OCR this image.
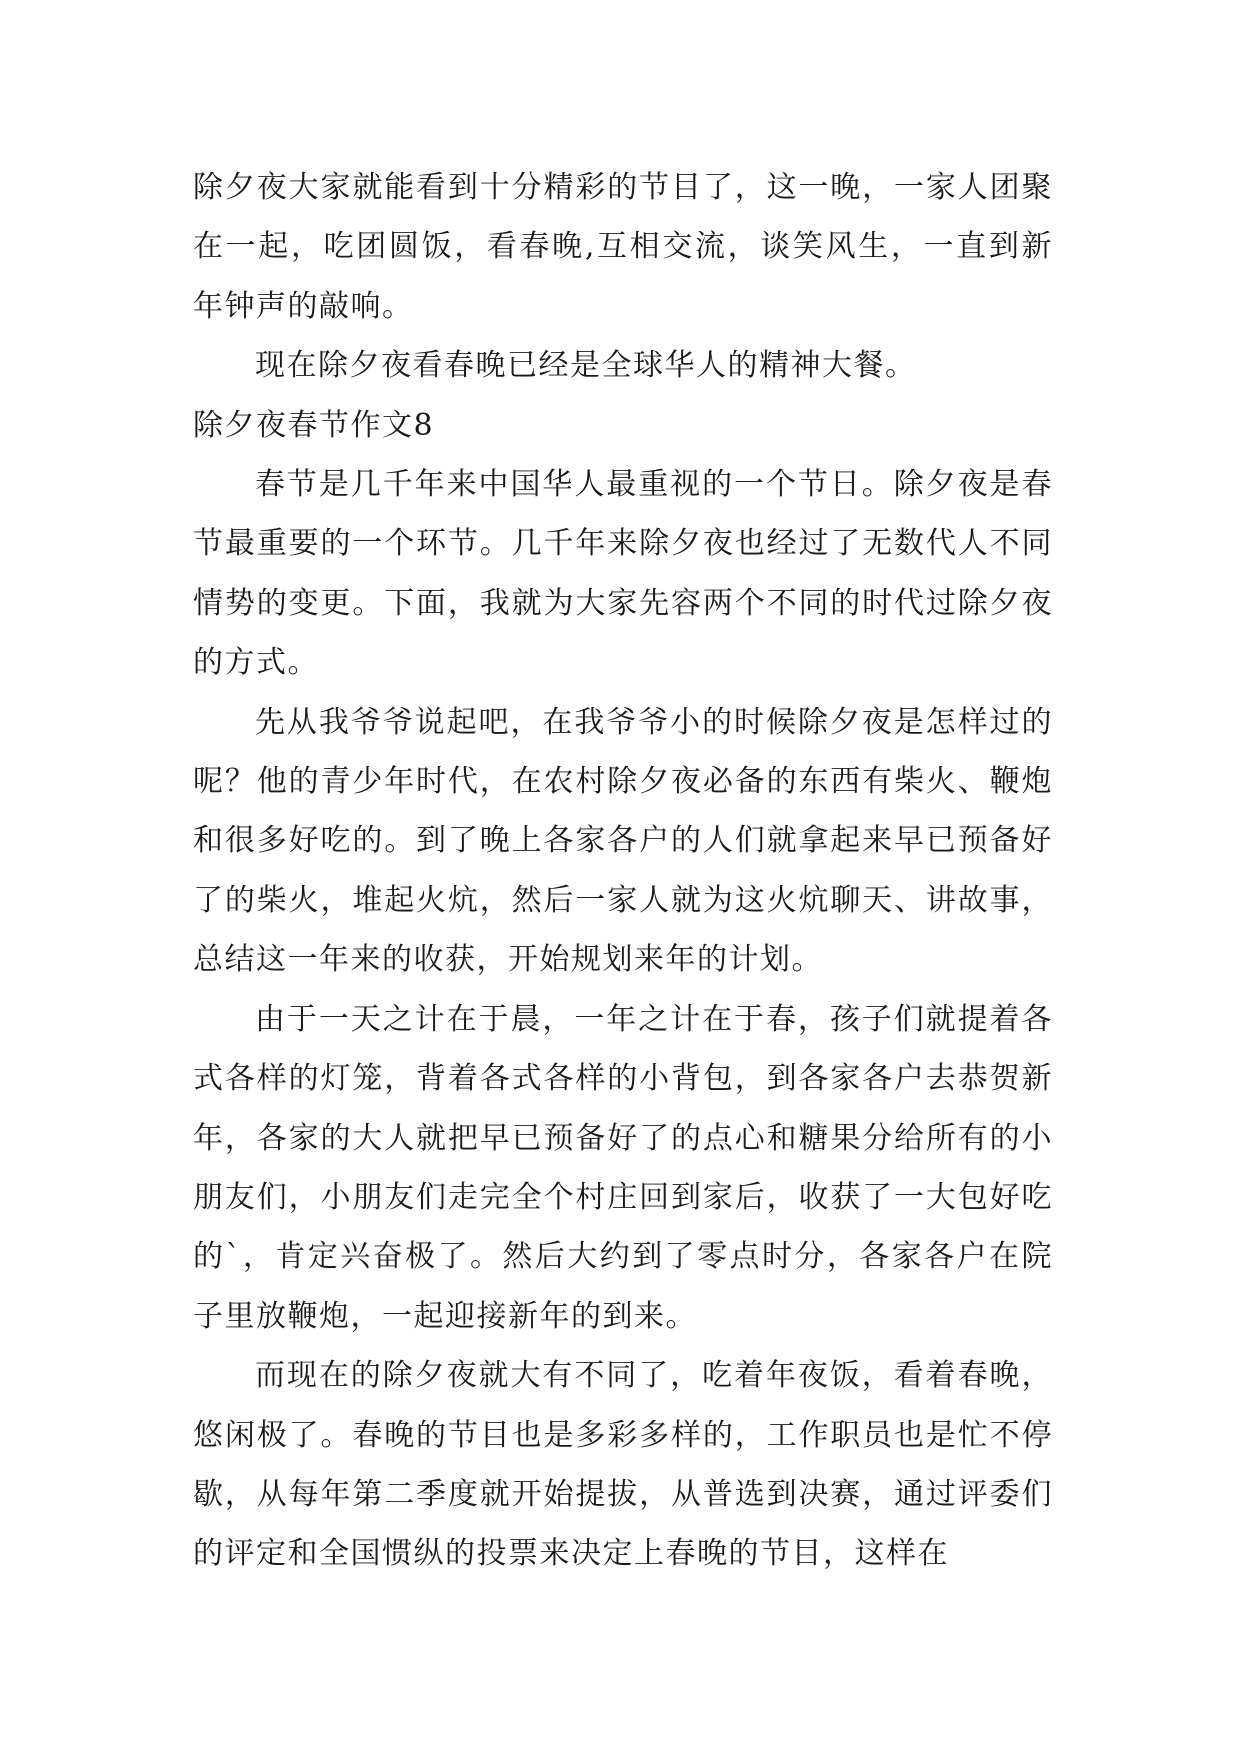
除夕夜大家就能看到十分精彩的节目了，这一晚，一家人团聚在一起，吃团圆饭，看春晚,互相交流，谈笑风生，一直到新年钟声的敲响。

现在除夕夜看春晚已经是全球华人的精神大餐。

除夕夜春节作文8

春节是几千年来中国华人最重视的一个节日。除夕夜是春节最重要的一个环节。几千年来除夕夜也经过了无数代人不同情势的变更。下面，我就为大家先容两个不同的时代过除夕夜的方式。

先从我爷爷说起吧，在我爷爷小的时候除夕夜是怎样过的呢？他的青少年时代，在农村除夕夜必备的东西有柴火、鞭炮和很多好吃的。到了晚上各家各户的人们就拿起来早已预备好了的柴火，堆起火炕，然后一家人就为这火炕聊天、讲故事，总结这一年来的收获，开始规划来年的计划。

由于一天之计在于晨，一年之计在于春，孩子们就提着各式各样的灯笼，背着各式各样的小背包，到各家各户去恭贺新年，各家的大人就把早已预备好了的点心和糖果分给所有的小朋友们，小朋友们走完全个村庄回到家后，收获了一大包好吃的`，肯定兴奋极了。然后大约到了零点时分，各家各户在院子里放鞭炮，一起迎接新年的到来。

而现在的除夕夜就大有不同了，吃着年夜饭，看着春晚，悠闲极了。春晚的节目也是多彩多样的，工作职员也是忙不停歇，从每年第二季度就开始提拔，从普选到决赛，通过评委们的评定和全国惯纵的投票来决定上春晚的节目，这样在
